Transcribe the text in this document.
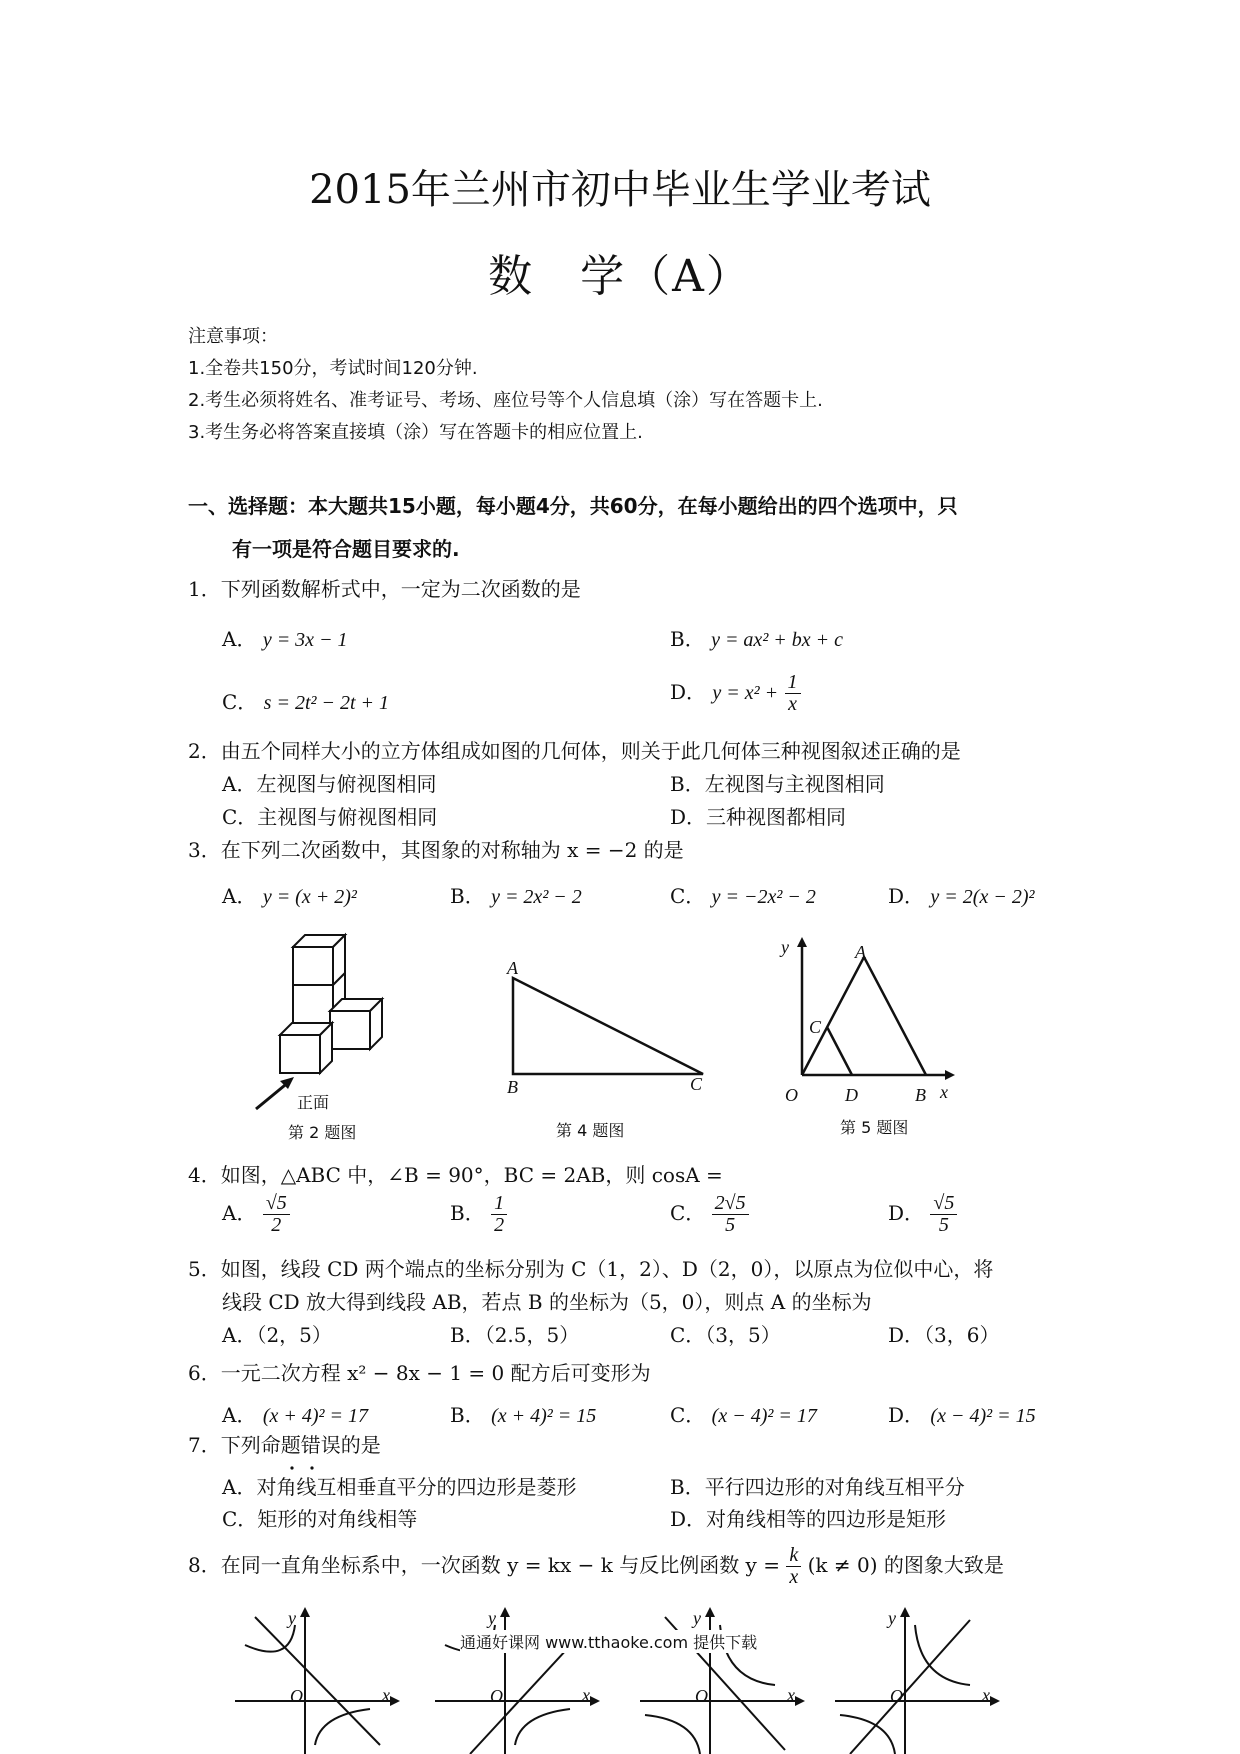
2015年兰州市初中毕业生学业考试
数　学（A）
注意事项：
1.全卷共150分，考试时间120分钟.
2.考生必须将姓名、准考证号、考场、座位号等个人信息填（涂）写在答题卡上.
3.考生务必将答案直接填（涂）写在答题卡的相应位置上.
一、选择题：本大题共15小题，每小题4分，共60分，在每小题给出的四个选项中，只
有一项是符合题目要求的.
1．下列函数解析式中，一定为二次函数的是
A． y = 3x − 1	B． y = ax² + bx + c
C． s = 2t² − 2t + 1	D． $y = x^2 + \frac{1}{x}$
2．由五个同样大小的立方体组成如图的几何体，则关于此几何体三种视图叙述正确的是
A．左视图与俯视图相同	B．左视图与主视图相同
C．主视图与俯视图相同	D．三种视图都相同
3．在下列二次函数中，其图象的对称轴为 x = −2 的是
A． y = (x + 2)²	B． y = 2x² − 2	C． y = −2x² − 2	D． y = 2(x − 2)²
正面
第 2 题图
A
B	C
第 4 题图
y	A
C
O	D	B x
第 5 题图
4．如图，△ABC 中，∠B = 90°，BC = 2AB，则 cosA =
A． $\frac{√5}{2}$	B． $\frac{1}{2}$	C． $\frac{2√5}{5}$	D． $\frac{√5}{5}$
5．如图，线段 CD 两个端点的坐标分别为 C（1，2）、D（2，0），以原点为位似中心，将
线段 CD 放大得到线段 AB，若点 B 的坐标为（5，0），则点 A 的坐标为
A．（2，5）	B．（2.5，5）	C．（3，5）	D．（3，6）
6．一元二次方程 x² − 8x − 1 = 0 配方后可变形为
A． (x + 4)² = 17	B． (x + 4)² = 15	C． (x − 4)² = 17	D． (x − 4)² = 15
7．下列命题错误的是
A．对角线互相垂直平分的四边形是菱形	B．平行四边形的对角线互相平分
C．矩形的对角线相等	D．对角线相等的四边形是矩形
8．在同一直角坐标系中，一次函数 y = kx − k 与反比例函数 $y = \frac{k}{x} (k \ne 0)$ 的图象大致是
y
x
O
y
x
O
y
x
O
y
x
O
通通好课网 www.tthaoke.com 提供下载
